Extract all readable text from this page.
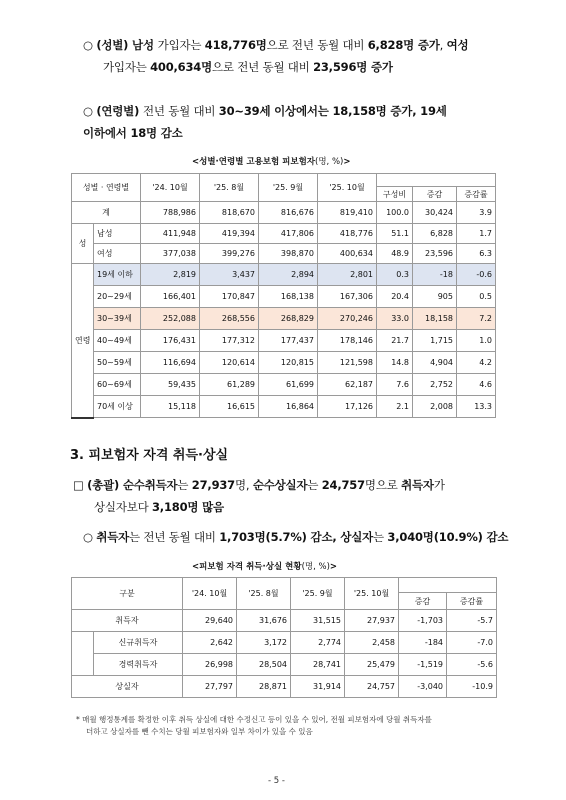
○ (성별) 남성 가입자는 418,776명으로 전년 동월 대비 6,828명 증가, 여성
가입자는 400,634명으로 전년 동월 대비 23,596명 증가
○ (연령별) 전년 동월 대비 30~39세 이상에서는 18,158명 증가, 19세
이하에서 18명 감소
<성별·연령별 고용보험 피보험자(명, %)>
성별 · 연령별		'24. 10월	'25. 8월	'25. 9월	'25. 10월			
						구성비	증감	증감률
계		788,986	818,670	816,676	819,410	100.0	30,424	3.9
성	남성	411,948	419,394	417,806	418,776	51.1	6,828	1.7
	여성	377,038	399,276	398,870	400,634	48.9	23,596	6.3
연령	19세 이하	2,819	3,437	2,894	2,801	0.3	-18	-0.6
	20~29세	166,401	170,847	168,138	167,306	20.4	905	0.5
	30~39세	252,088	268,556	268,829	270,246	33.0	18,158	7.2
	40~49세	176,431	177,312	177,437	178,146	21.7	1,715	1.0
	50~59세	116,694	120,614	120,815	121,598	14.8	4,904	4.2
	60~69세	59,435	61,289	61,699	62,187	7.6	2,752	4.6
	70세 이상	15,118	16,615	16,864	17,126	2.1	2,008	13.3
3. 피보험자 자격 취득·상실
□ (총괄) 순수취득자는 27,937명, 순수상실자는 24,757명으로 취득자가
상실자보다 3,180명 많음
○ 취득자는 전년 동월 대비 1,703명(5.7%) 감소, 상실자는 3,040명(10.9%) 감소
<피보험 자격 취득·상실 현황(명, %)>
구분		'24. 10월	'25. 8월	'25. 9월	'25. 10월		
						증감	증감률
취득자		29,640	31,676	31,515	27,937	-1,703	-5.7
	신규취득자	2,642	3,172	2,774	2,458	-184	-7.0
	경력취득자	26,998	28,504	28,741	25,479	-1,519	-5.6
상실자		27,797	28,871	31,914	24,757	-3,040	-10.9
* 매월 행정통계를 확정한 이후 취득 상실에 대한 수정신고 등이 있을 수 있어, 전월 피보험자에 당월 취득자를
더하고 상실자를 뺀 수치는 당월 피보험자와 일부 차이가 있을 수 있음
- 5 -
